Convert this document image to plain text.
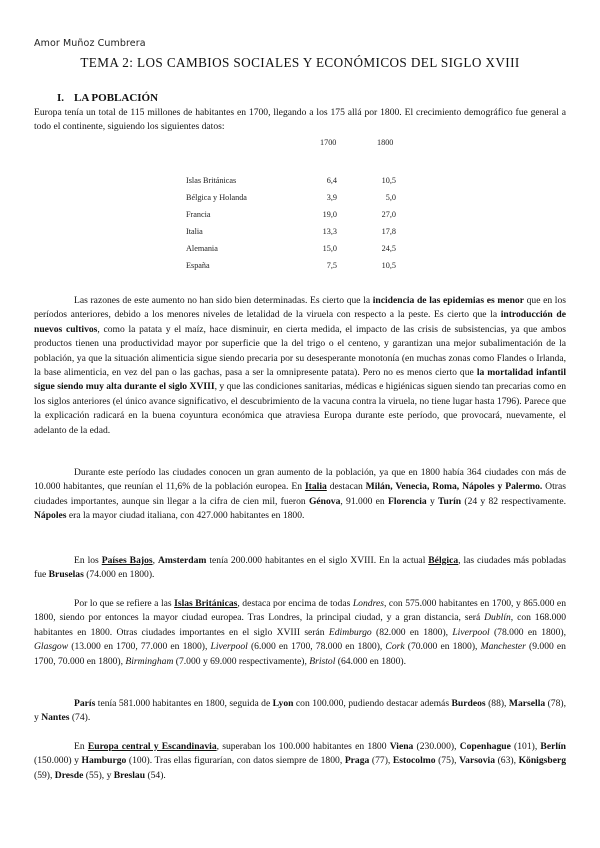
Amor Muñoz Cumbrera
TEMA 2: LOS CAMBIOS SOCIALES Y ECONÓMICOS DEL SIGLO XVIII
I. LA POBLACIÓN

Europa tenía un total de 115 millones de habitantes en 1700, llegando a los 175 allá por 1800. El crecimiento demográfico fue general a todo el continente, siguiendo los siguientes datos:

1700	1800
Islas Británicas	6,4	10,5
Bélgica y Holanda	3,9	5,0
Francia	19,0	27,0
Italia	13,3	17,8
Alemania	15,0	24,5
España	7,5	10,5

Las razones de este aumento no han sido bien determinadas. Es cierto que la incidencia de las epidemias es menor que en los períodos anteriores, debido a los menores niveles de letalidad de la viruela con respecto a la peste. Es cierto que la introducción de nuevos cultivos, como la patata y el maíz, hace disminuir, en cierta medida, el impacto de las crisis de subsistencias, ya que ambos productos tienen una productividad mayor por superficie que la del trigo o el centeno, y garantizan una mejor subalimentación de la población, ya que la situación alimenticia sigue siendo precaria por su desesperante monotonía (en muchas zonas como Flandes o Irlanda, la base alimenticia, en vez del pan o las gachas, pasa a ser la omnipresente patata). Pero no es menos cierto que la mortalidad infantil sigue siendo muy alta durante el siglo XVIII, y que las condiciones sanitarias, médicas e higiénicas siguen siendo tan precarias como en los siglos anteriores (el único avance significativo, el descubrimiento de la vacuna contra la viruela, no tiene lugar hasta 1796). Parece que la explicación radicará en la buena coyuntura económica que atraviesa Europa durante este período, que provocará, nuevamente, el adelanto de la edad.

Durante este período las ciudades conocen un gran aumento de la población, ya que en 1800 había 364 ciudades con más de 10.000 habitantes, que reunían el 11,6% de la población europea. En Italia destacan Milán, Venecia, Roma, Nápoles y Palermo. Otras ciudades importantes, aunque sin llegar a la cifra de cien mil, fueron Génova, 91.000 en Florencia y Turín (24 y 82 respectivamente. Nápoles era la mayor ciudad italiana, con 427.000 habitantes en 1800.

En los Países Bajos, Amsterdam tenía 200.000 habitantes en el siglo XVIII. En la actual Bélgica, las ciudades más pobladas fue Bruselas (74.000 en 1800).

Por lo que se refiere a las Islas Británicas, destaca por encima de todas Londres, con 575.000 habitantes en 1700, y 865.000 en 1800, siendo por entonces la mayor ciudad europea. Tras Londres, la principal ciudad, y a gran distancia, será Dublín, con 168.000 habitantes en 1800. Otras ciudades importantes en el siglo XVIII serán Edimburgo (82.000 en 1800), Liverpool (78.000 en 1800), Glasgow (13.000 en 1700, 77.000 en 1800), Liverpool (6.000 en 1700, 78.000 en 1800), Cork (70.000 en 1800), Manchester (9.000 en 1700, 70.000 en 1800), Birmingham (7.000 y 69.000 respectivamente), Bristol (64.000 en 1800).

París tenía 581.000 habitantes en 1800, seguida de Lyon con 100.000, pudiendo destacar además Burdeos (88), Marsella (78), y Nantes (74).

En Europa central y Escandinavia, superaban los 100.000 habitantes en 1800 Viena (230.000), Copenhague (101), Berlín (150.000) y Hamburgo (100). Tras ellas figurarían, con datos siempre de 1800, Praga (77), Estocolmo (75), Varsovia (63), Königsberg (59), Dresde (55), y Breslau (54).
